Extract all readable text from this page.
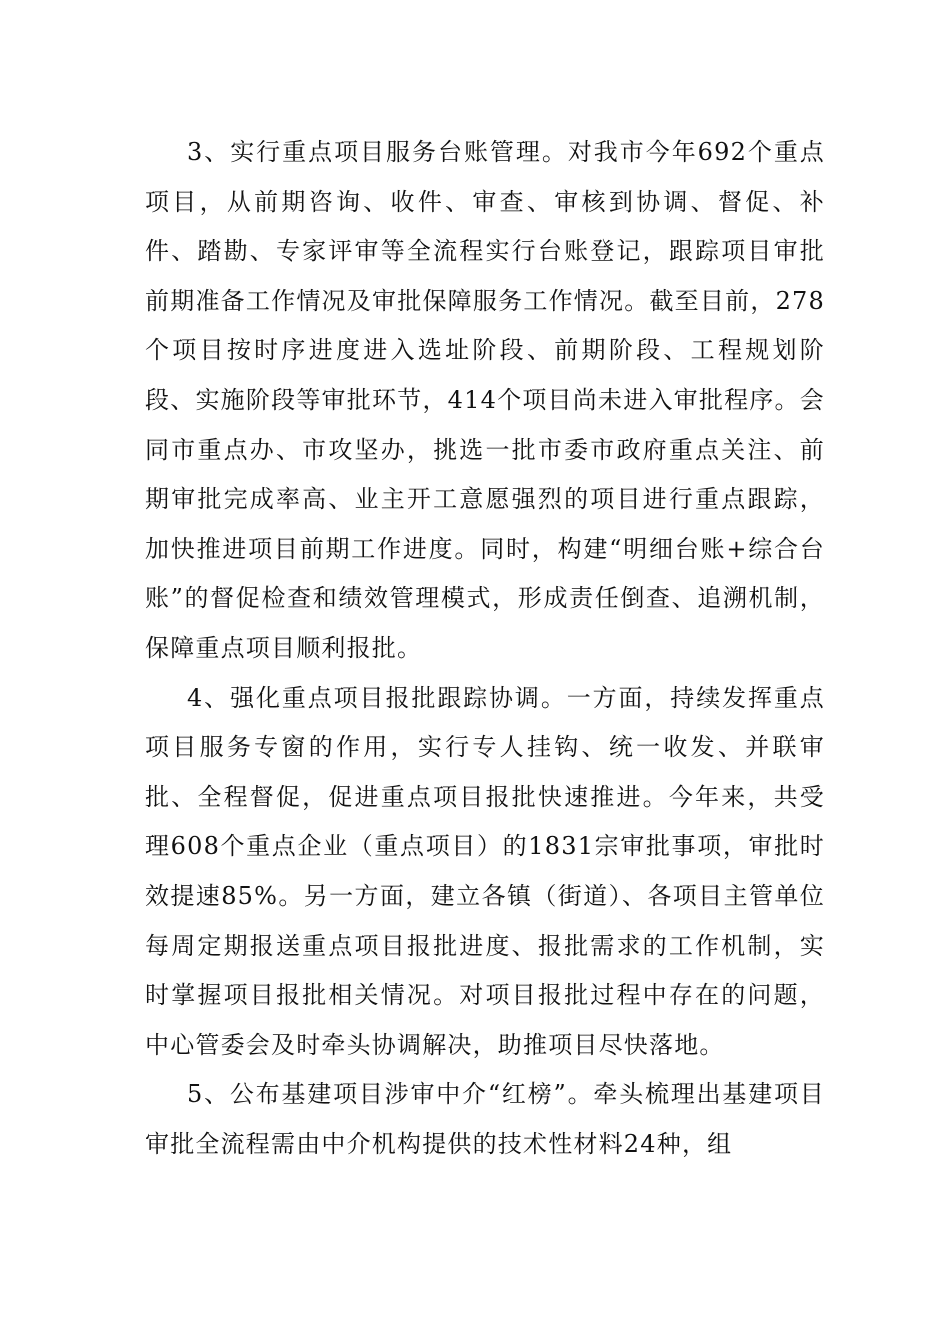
3、实行重点项目服务台账管理。对我市今年692个重点项目，从前期咨询、收件、审查、审核到协调、督促、补件、踏勘、专家评审等全流程实行台账登记，跟踪项目审批前期准备工作情况及审批保障服务工作情况。截至目前，278个项目按时序进度进入选址阶段、前期阶段、工程规划阶段、实施阶段等审批环节，414个项目尚未进入审批程序。会同市重点办、市攻坚办，挑选一批市委市政府重点关注、前期审批完成率高、业主开工意愿强烈的项目进行重点跟踪，加快推进项目前期工作进度。同时，构建“明细台账+综合台账”的督促检查和绩效管理模式，形成责任倒查、追溯机制，保障重点项目顺利报批。

4、强化重点项目报批跟踪协调。一方面，持续发挥重点项目服务专窗的作用，实行专人挂钩、统一收发、并联审批、全程督促，促进重点项目报批快速推进。今年来，共受理608个重点企业（重点项目）的1831宗审批事项，审批时效提速85%。另一方面，建立各镇（街道）、各项目主管单位每周定期报送重点项目报批进度、报批需求的工作机制，实时掌握项目报批相关情况。对项目报批过程中存在的问题，中心管委会及时牵头协调解决，助推项目尽快落地。

5、公布基建项目涉审中介“红榜”。牵头梳理出基建项目审批全流程需由中介机构提供的技术性材料24种，组
